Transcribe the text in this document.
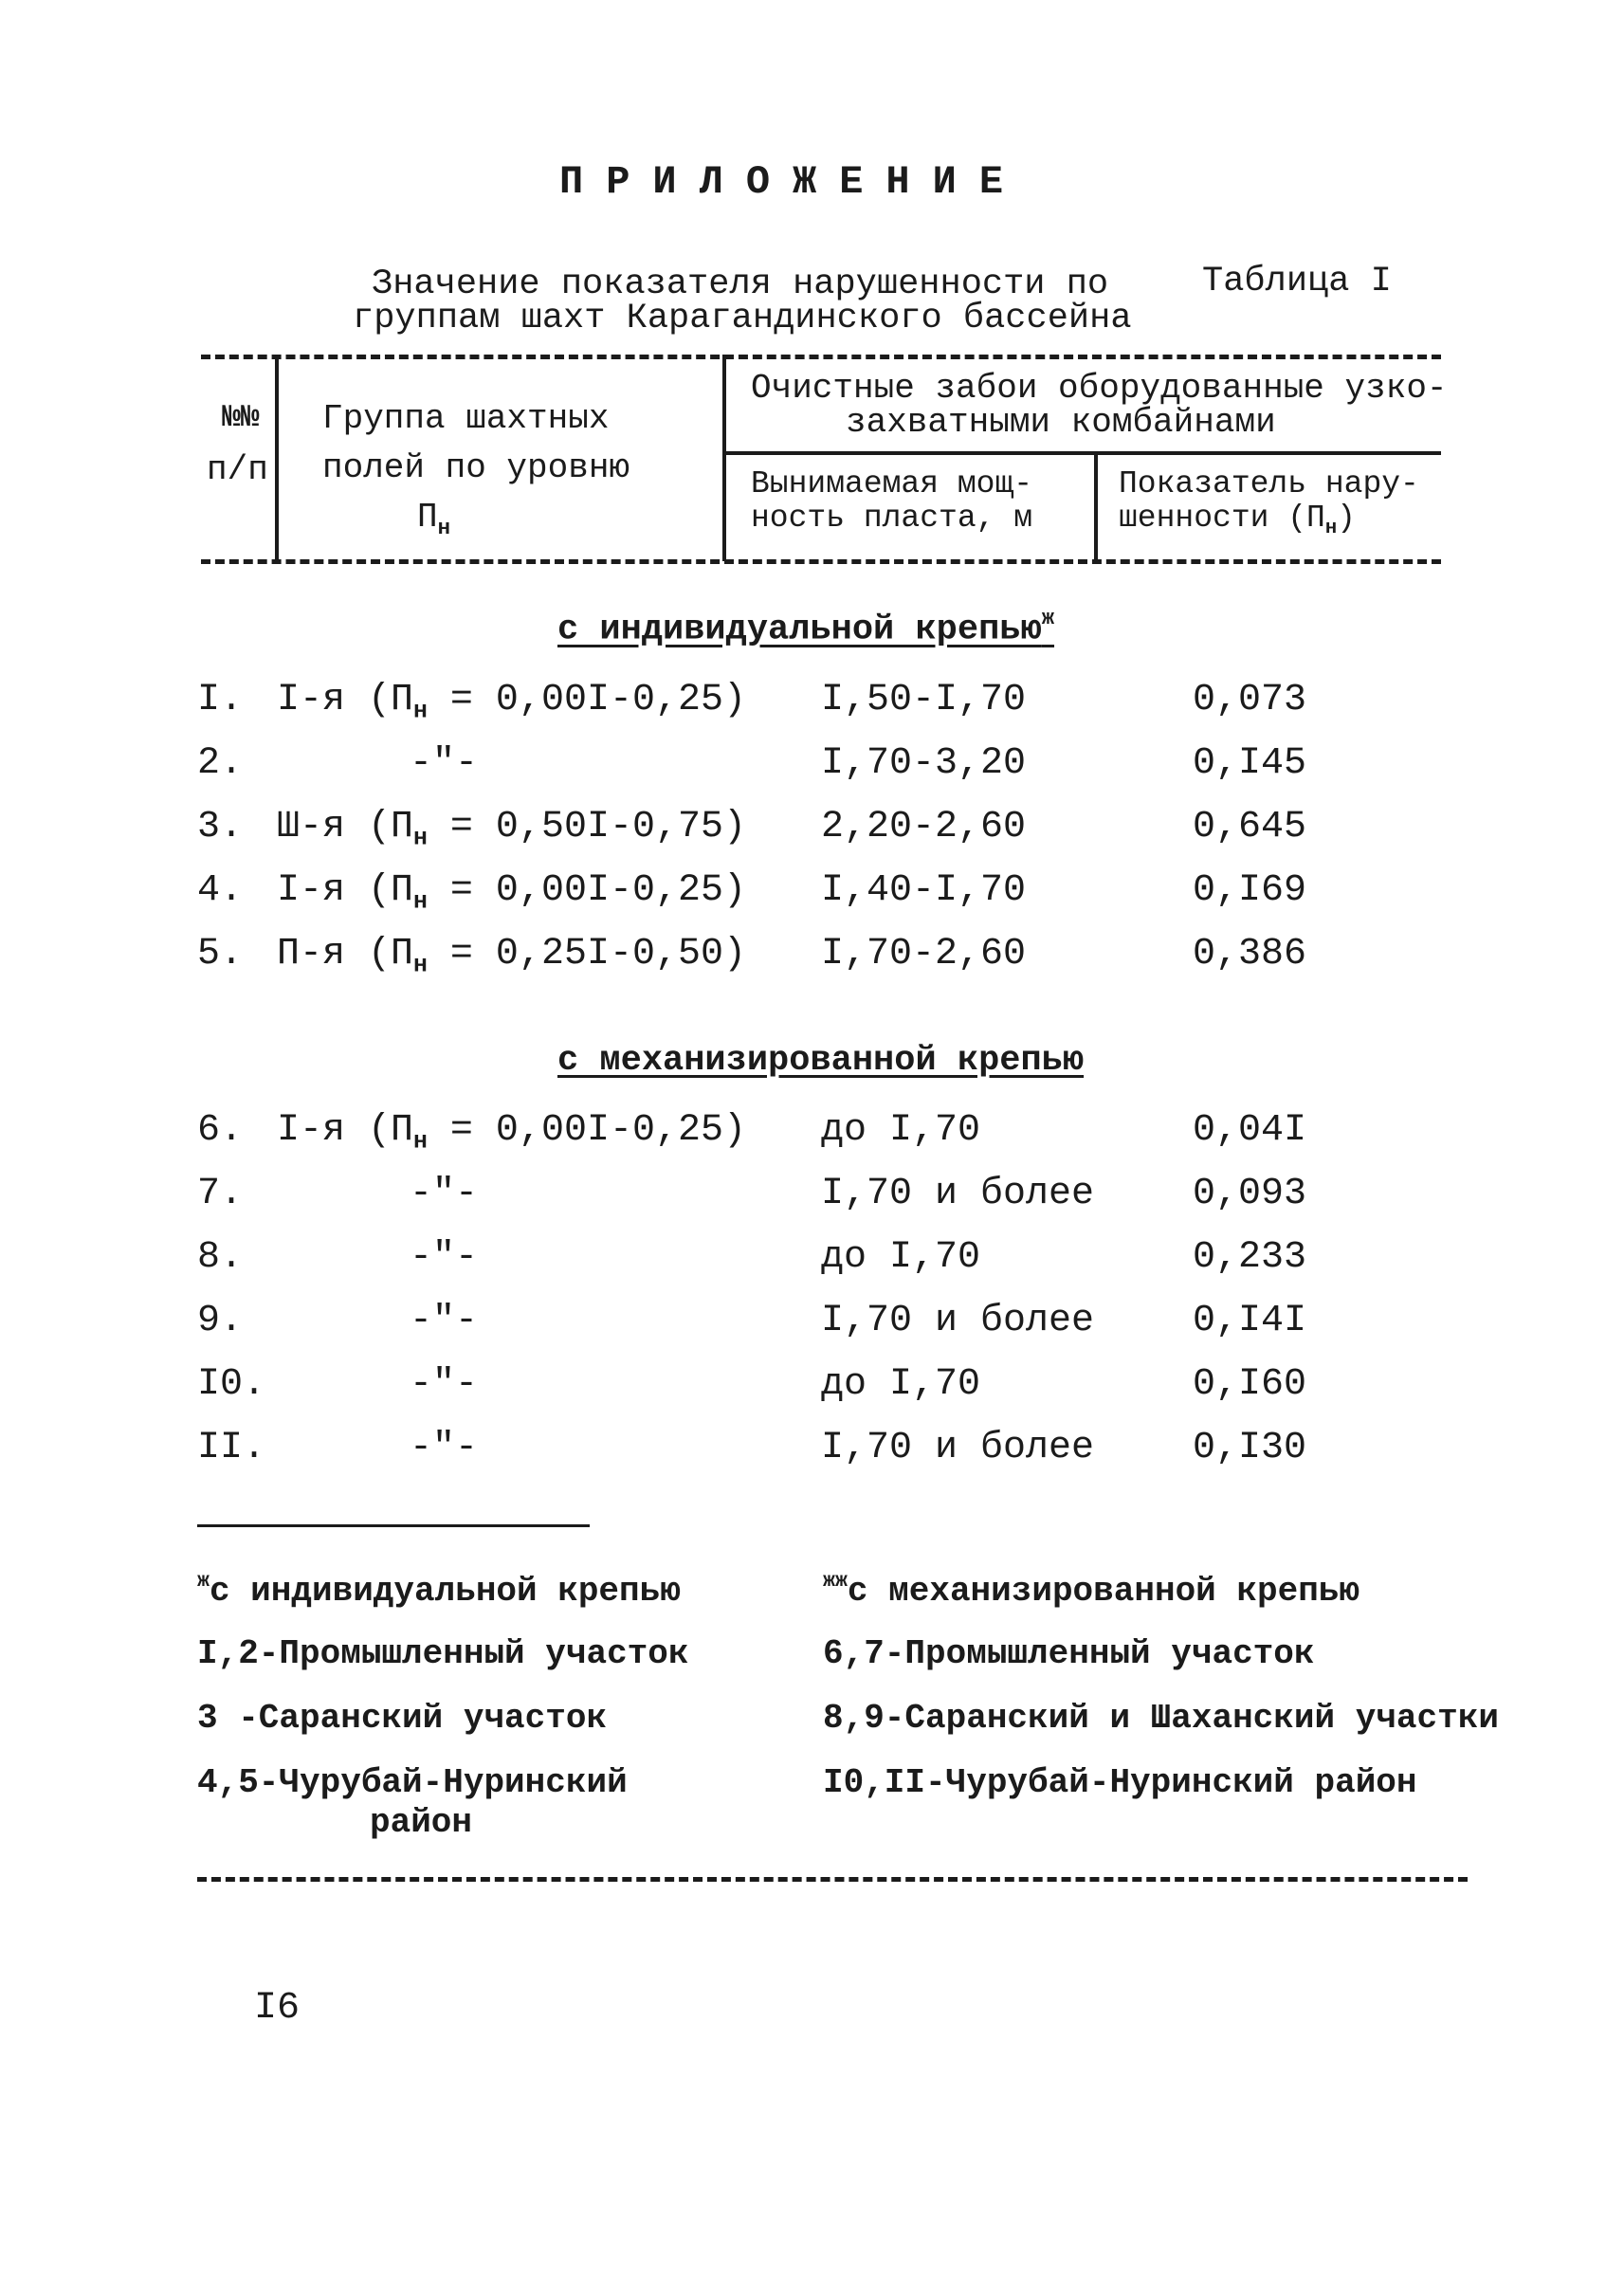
ПРИЛОЖЕНИЕ
Значение показателя нарушенности по
группам шахт Карагандинского бассейна
Таблица I
№№
п/п
Группа шахтных
полей по уровню
$П_н$
Очистные забои оборудованные узко-
захватными комбайнами
Вынимаемая мощ-
ность пласта, м
Показатель нару-
шенности $(П_н)$
с индивидуальной крепью$^ж$
I. I-я $(П_н = 0,00I-0,25)$ I,50-I,70	0,073
2.	-"-	I,70-3,20	0,I45
3. Ш-я $(П_н = 0,50I-0,75)$ 2,20-2,60	0,645
4. I-я $(П_н = 0,00I-0,25)$ I,40-I,70	0,I69
5. П-я $(П_н = 0,25I-0,50)$ I,70-2,60	0,386
с механизированной крепью
6. I-я $(П_н = 0,00I-0,25)$ до I,70	0,04I
7.	-"-	I,70 и более	0,093
8.	-"-	до I,70	0,233
9.	-"-	I,70 и более	0,I4I
I0.	-"-	до I,70	0,I60
II.	-"-	I,70 и более	0,I30
$^ж$с индивидуальной крепью
I,2-Промышленный участок
3 -Саранский участок
4,5-Чурубай-Нуринский
район
$^{жж}$с механизированной крепью
6,7-Промышленный участок
8,9-Саранский и Шаханский участки
I0,II-Чурубай-Нуринский район
I6
